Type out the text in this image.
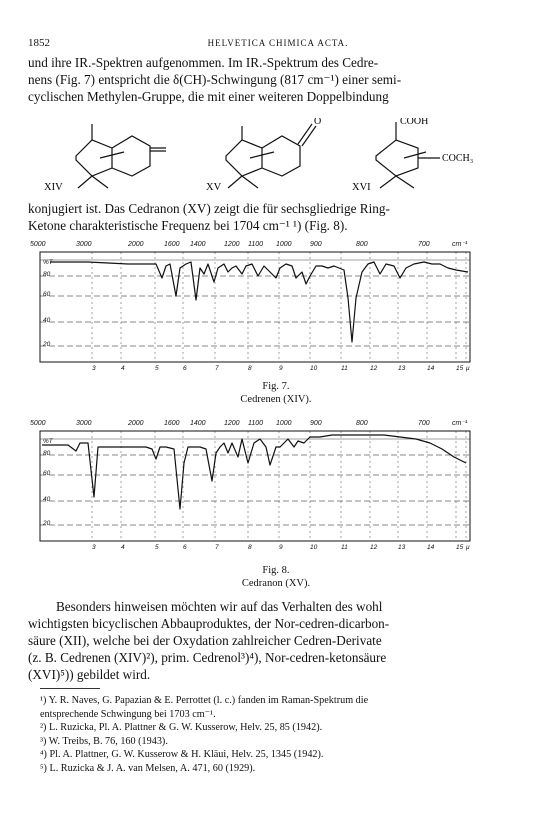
1852	HELVETICA CHIMICA ACTA.

und ihre IR.-Spektren aufgenommen. Im IR.-Spektrum des Cedre-
nens (Fig. 7) entspricht die δ(CH)-Schwingung (817 cm⁻¹) einer semi-
cyclischen Methylen-Gruppe, die mit einer weiteren Doppelbindung

XIV	XV	XVI
O	COOH
COCH₃

konjugiert ist. Das Cedranon (XV) zeigt die für sechsgliedrige Ring-
Ketone charakteristische Frequenz bei 1704 cm⁻¹ ¹) (Fig. 8).

5000	3000	2000	1600 1400	1200 1100 1000	900	800	700	cm⁻¹
%T
80
60
40
20
3	4	5	6	7	8	9	10	11	12	13	14	15 μ
Fig. 7.
Cedrenen (XIV).
5000	3000	2000	1600 1400	1200 1100 1000	900	800	700	cm⁻¹
%T
80
60
40
20
3	4	5	6	7	8	9	10	11	12	13	14	15 μ
Fig. 8.
Cedranon (XV).

Besonders hinweisen möchten wir auf das Verhalten des wohl
wichtigsten bicyclischen Abbauproduktes, der Nor-cedren-dicarbon-
säure (XII), welche bei der Oxydation zahlreicher Cedren-Derivate
(z. B. Cedrenen (XIV)²), prim. Cedrenol³)⁴), Nor-cedren-ketonsäure
(XVI)⁵)) gebildet wird.

¹) Y. R. Naves, G. Papazian & E. Perrottet (l. c.) fanden im Raman-Spektrum die
entsprechende Schwingung bei 1703 cm⁻¹.
²) L. Ruzicka, Pl. A. Plattner & G. W. Kusserow, Helv. 25, 85 (1942).
³) W. Treibs, B. 76, 160 (1943).
⁴) Pl. A. Plattner, G. W. Kusserow & H. Kläui, Helv. 25, 1345 (1942).
⁵) L. Ruzicka & J. A. van Melsen, A. 471, 60 (1929).
